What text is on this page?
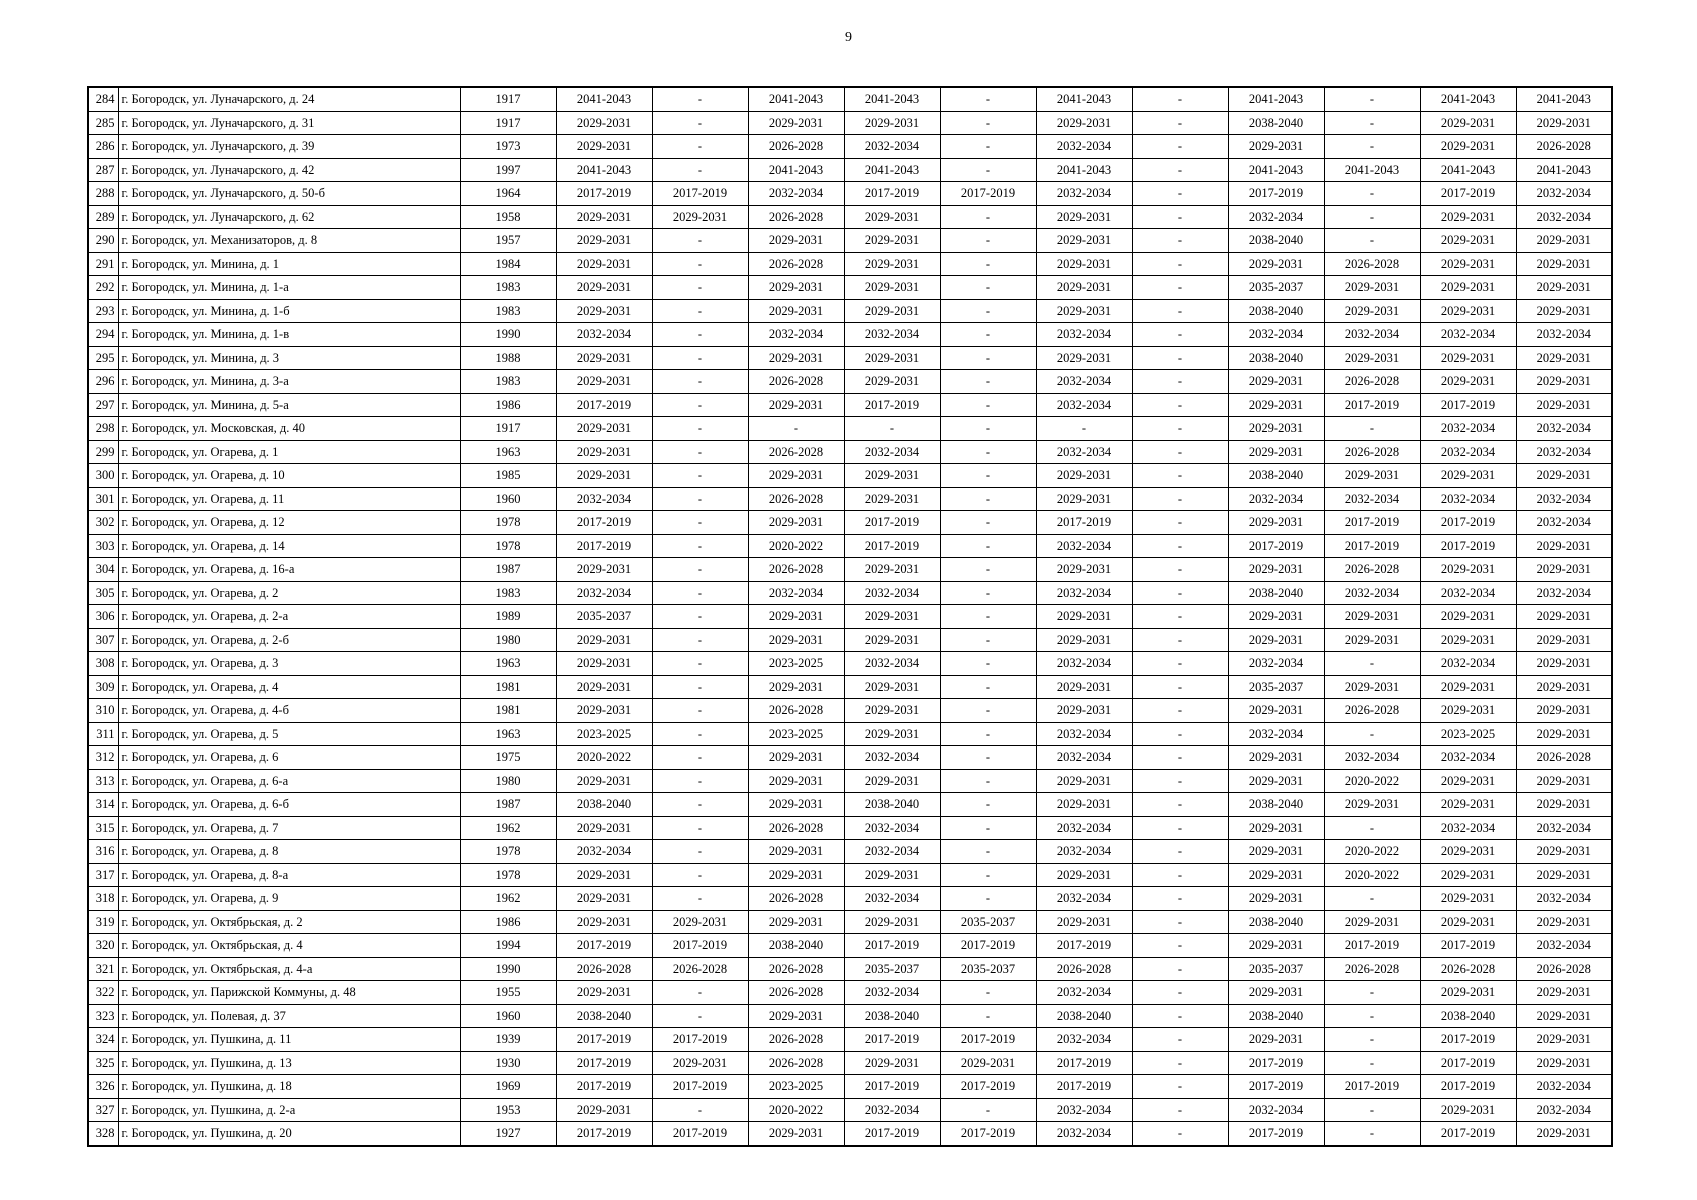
9
284	г. Богородск, ул. Луначарского, д. 24	1917	2041-2043	-	2041-2043	2041-2043	-	2041-2043	-	2041-2043	-	2041-2043	2041-2043
285	г. Богородск, ул. Луначарского, д. 31	1917	2029-2031	-	2029-2031	2029-2031	-	2029-2031	-	2038-2040	-	2029-2031	2029-2031
286	г. Богородск, ул. Луначарского, д. 39	1973	2029-2031	-	2026-2028	2032-2034	-	2032-2034	-	2029-2031	-	2029-2031	2026-2028
287	г. Богородск, ул. Луначарского, д. 42	1997	2041-2043	-	2041-2043	2041-2043	-	2041-2043	-	2041-2043	2041-2043	2041-2043	2041-2043
288	г. Богородск, ул. Луначарского, д. 50-б	1964	2017-2019	2017-2019	2032-2034	2017-2019	2017-2019	2032-2034	-	2017-2019	-	2017-2019	2032-2034
289	г. Богородск, ул. Луначарского, д. 62	1958	2029-2031	2029-2031	2026-2028	2029-2031	-	2029-2031	-	2032-2034	-	2029-2031	2032-2034
290	г. Богородск, ул. Механизаторов, д. 8	1957	2029-2031	-	2029-2031	2029-2031	-	2029-2031	-	2038-2040	-	2029-2031	2029-2031
291	г. Богородск, ул. Минина, д. 1	1984	2029-2031	-	2026-2028	2029-2031	-	2029-2031	-	2029-2031	2026-2028	2029-2031	2029-2031
292	г. Богородск, ул. Минина, д. 1-а	1983	2029-2031	-	2029-2031	2029-2031	-	2029-2031	-	2035-2037	2029-2031	2029-2031	2029-2031
293	г. Богородск, ул. Минина, д. 1-б	1983	2029-2031	-	2029-2031	2029-2031	-	2029-2031	-	2038-2040	2029-2031	2029-2031	2029-2031
294	г. Богородск, ул. Минина, д. 1-в	1990	2032-2034	-	2032-2034	2032-2034	-	2032-2034	-	2032-2034	2032-2034	2032-2034	2032-2034
295	г. Богородск, ул. Минина, д. 3	1988	2029-2031	-	2029-2031	2029-2031	-	2029-2031	-	2038-2040	2029-2031	2029-2031	2029-2031
296	г. Богородск, ул. Минина, д. 3-а	1983	2029-2031	-	2026-2028	2029-2031	-	2032-2034	-	2029-2031	2026-2028	2029-2031	2029-2031
297	г. Богородск, ул. Минина, д. 5-а	1986	2017-2019	-	2029-2031	2017-2019	-	2032-2034	-	2029-2031	2017-2019	2017-2019	2029-2031
298	г. Богородск, ул. Московская, д. 40	1917	2029-2031	-	-	-	-	-	-	2029-2031	-	2032-2034	2032-2034
299	г. Богородск, ул. Огарева, д. 1	1963	2029-2031	-	2026-2028	2032-2034	-	2032-2034	-	2029-2031	2026-2028	2032-2034	2032-2034
300	г. Богородск, ул. Огарева, д. 10	1985	2029-2031	-	2029-2031	2029-2031	-	2029-2031	-	2038-2040	2029-2031	2029-2031	2029-2031
301	г. Богородск, ул. Огарева, д. 11	1960	2032-2034	-	2026-2028	2029-2031	-	2029-2031	-	2032-2034	2032-2034	2032-2034	2032-2034
302	г. Богородск, ул. Огарева, д. 12	1978	2017-2019	-	2029-2031	2017-2019	-	2017-2019	-	2029-2031	2017-2019	2017-2019	2032-2034
303	г. Богородск, ул. Огарева, д. 14	1978	2017-2019	-	2020-2022	2017-2019	-	2032-2034	-	2017-2019	2017-2019	2017-2019	2029-2031
304	г. Богородск, ул. Огарева, д. 16-а	1987	2029-2031	-	2026-2028	2029-2031	-	2029-2031	-	2029-2031	2026-2028	2029-2031	2029-2031
305	г. Богородск, ул. Огарева, д. 2	1983	2032-2034	-	2032-2034	2032-2034	-	2032-2034	-	2038-2040	2032-2034	2032-2034	2032-2034
306	г. Богородск, ул. Огарева, д. 2-а	1989	2035-2037	-	2029-2031	2029-2031	-	2029-2031	-	2029-2031	2029-2031	2029-2031	2029-2031
307	г. Богородск, ул. Огарева, д. 2-б	1980	2029-2031	-	2029-2031	2029-2031	-	2029-2031	-	2029-2031	2029-2031	2029-2031	2029-2031
308	г. Богородск, ул. Огарева, д. 3	1963	2029-2031	-	2023-2025	2032-2034	-	2032-2034	-	2032-2034	-	2032-2034	2029-2031
309	г. Богородск, ул. Огарева, д. 4	1981	2029-2031	-	2029-2031	2029-2031	-	2029-2031	-	2035-2037	2029-2031	2029-2031	2029-2031
310	г. Богородск, ул. Огарева, д. 4-б	1981	2029-2031	-	2026-2028	2029-2031	-	2029-2031	-	2029-2031	2026-2028	2029-2031	2029-2031
311	г. Богородск, ул. Огарева, д. 5	1963	2023-2025	-	2023-2025	2029-2031	-	2032-2034	-	2032-2034	-	2023-2025	2029-2031
312	г. Богородск, ул. Огарева, д. 6	1975	2020-2022	-	2029-2031	2032-2034	-	2032-2034	-	2029-2031	2032-2034	2032-2034	2026-2028
313	г. Богородск, ул. Огарева, д. 6-а	1980	2029-2031	-	2029-2031	2029-2031	-	2029-2031	-	2029-2031	2020-2022	2029-2031	2029-2031
314	г. Богородск, ул. Огарева, д. 6-б	1987	2038-2040	-	2029-2031	2038-2040	-	2029-2031	-	2038-2040	2029-2031	2029-2031	2029-2031
315	г. Богородск, ул. Огарева, д. 7	1962	2029-2031	-	2026-2028	2032-2034	-	2032-2034	-	2029-2031	-	2032-2034	2032-2034
316	г. Богородск, ул. Огарева, д. 8	1978	2032-2034	-	2029-2031	2032-2034	-	2032-2034	-	2029-2031	2020-2022	2029-2031	2029-2031
317	г. Богородск, ул. Огарева, д. 8-а	1978	2029-2031	-	2029-2031	2029-2031	-	2029-2031	-	2029-2031	2020-2022	2029-2031	2029-2031
318	г. Богородск, ул. Огарева, д. 9	1962	2029-2031	-	2026-2028	2032-2034	-	2032-2034	-	2029-2031	-	2029-2031	2032-2034
319	г. Богородск, ул. Октябрьская, д. 2	1986	2029-2031	2029-2031	2029-2031	2029-2031	2035-2037	2029-2031	-	2038-2040	2029-2031	2029-2031	2029-2031
320	г. Богородск, ул. Октябрьская, д. 4	1994	2017-2019	2017-2019	2038-2040	2017-2019	2017-2019	2017-2019	-	2029-2031	2017-2019	2017-2019	2032-2034
321	г. Богородск, ул. Октябрьская, д. 4-а	1990	2026-2028	2026-2028	2026-2028	2035-2037	2035-2037	2026-2028	-	2035-2037	2026-2028	2026-2028	2026-2028
322	г. Богородск, ул. Парижской Коммуны, д. 48	1955	2029-2031	-	2026-2028	2032-2034	-	2032-2034	-	2029-2031	-	2029-2031	2029-2031
323	г. Богородск, ул. Полевая, д. 37	1960	2038-2040	-	2029-2031	2038-2040	-	2038-2040	-	2038-2040	-	2038-2040	2029-2031
324	г. Богородск, ул. Пушкина, д. 11	1939	2017-2019	2017-2019	2026-2028	2017-2019	2017-2019	2032-2034	-	2029-2031	-	2017-2019	2029-2031
325	г. Богородск, ул. Пушкина, д. 13	1930	2017-2019	2029-2031	2026-2028	2029-2031	2029-2031	2017-2019	-	2017-2019	-	2017-2019	2029-2031
326	г. Богородск, ул. Пушкина, д. 18	1969	2017-2019	2017-2019	2023-2025	2017-2019	2017-2019	2017-2019	-	2017-2019	2017-2019	2017-2019	2032-2034
327	г. Богородск, ул. Пушкина, д. 2-а	1953	2029-2031	-	2020-2022	2032-2034	-	2032-2034	-	2032-2034	-	2029-2031	2032-2034
328	г. Богородск, ул. Пушкина, д. 20	1927	2017-2019	2017-2019	2029-2031	2017-2019	2017-2019	2032-2034	-	2017-2019	-	2017-2019	2029-2031
